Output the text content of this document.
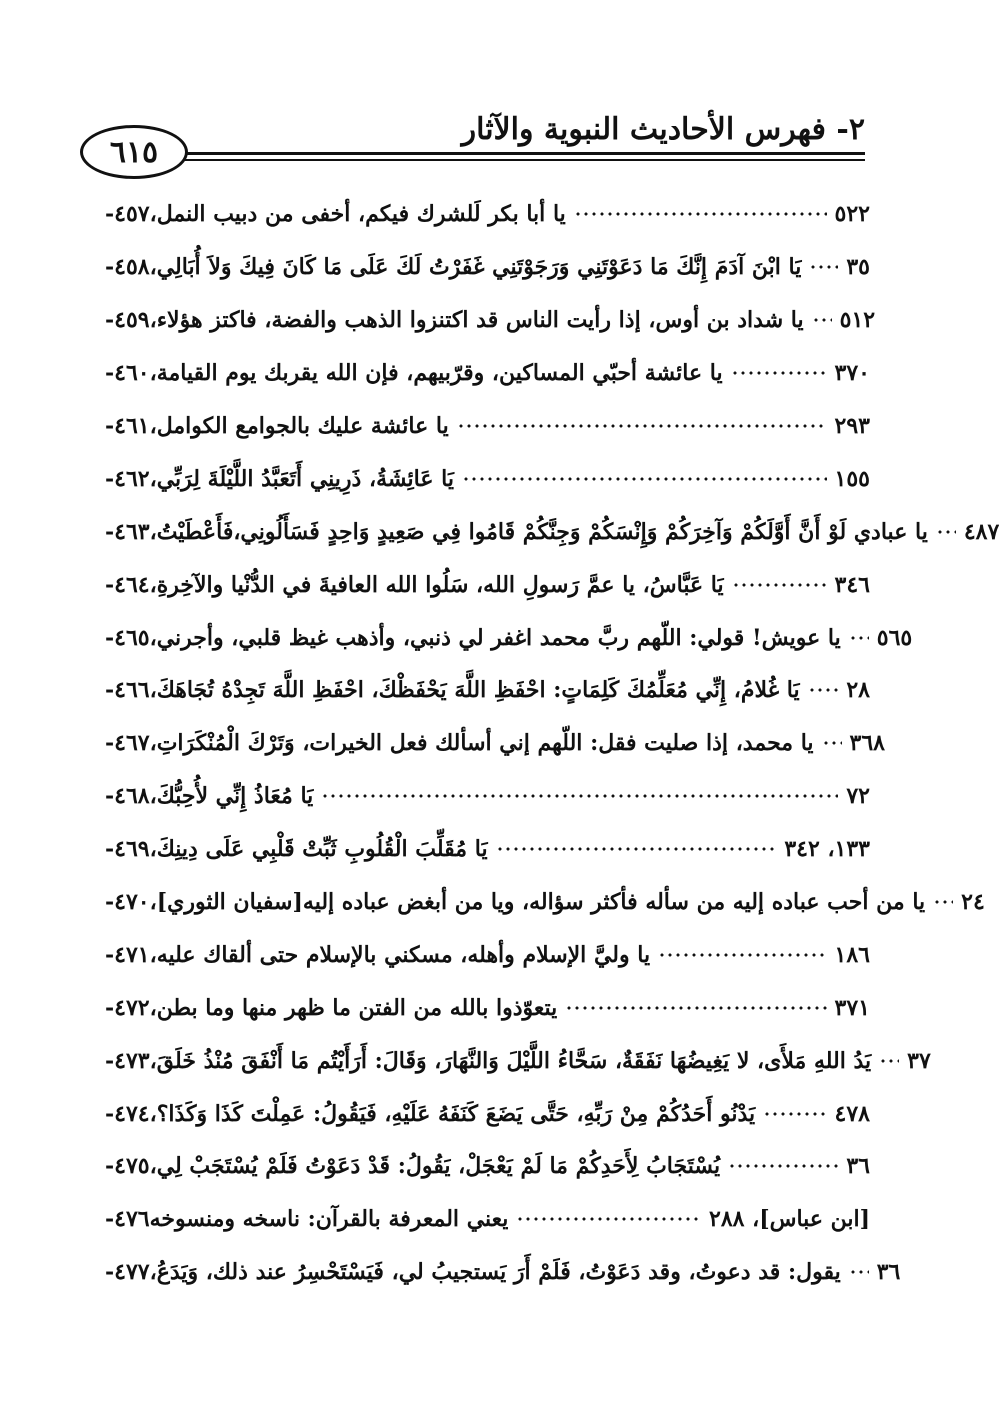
٢- فهرس الأحاديث النبوية والآثار
٦١٥
٤٥٧- يا أبا بكر لَلشرك فيكم، أخفى من دبيب النمل،	٥٢٢
٤٥٨- يَا ابْنَ آدَمَ إِنَّكَ مَا دَعَوْتَنِي وَرَجَوْتَنِي غَفَرْتُ لَكَ عَلَى مَا كَانَ فِيكَ وَلاَ أُبَالِي، ٣٥
٤٥٩- يا شداد بن أوس، إذا رأيت الناس قد اكتنزوا الذهب والفضة، فاكتز هؤلاء، ٥١٢
٤٦٠- يا عائشة أحبّي المساكين، وقرّبيهم، فإن الله يقربك يوم القيامة،	٣٧٠
٤٦١- يا عائشة عليك بالجوامع الكوامل،	٢٩٣
٤٦٢- يَا عَائِشَةُ، ذَرِينِي أَتَعَبَّدُ اللَّيْلَةَ لِرَبِّي،	١٥٥
٤٦٣- يا عبادي لَوْ أَنَّ أَوَّلَكُمْ وَآخِرَكُمْ وَإِنْسَكُمْ وَجِنَّكُمْ قَامُوا فِي صَعِيدٍ وَاحِدٍ فَسَأَلُونِي،فَأَعْطَيْتُ، ٤٨٧
٤٦٤- يَا عَبَّاسُ، يا عمَّ رَسولِ الله، سَلُوا الله العافيةَ في الدُّنْيا والآخِرةِ،	٣٤٦
٤٦٥- يا عويش! قولي: اللّهم ربَّ محمد اغفر لي ذنبي، وأذهب غيظ قلبي، وأجرني، ٥٦٥
٤٦٦- يَا غُلامُ، إِنِّي مُعَلِّمُكَ كَلِمَاتٍ: احْفَظِ اللَّهَ يَحْفَظْكَ، احْفَظِ اللَّهَ تَجِدْهُ تُجَاهَكَ، ٢٨
٤٦٧- يا محمد، إذا صليت فقل: اللّهم إني أسألك فعل الخيرات، وَتَرْكَ الْمُنْكَرَاتِ، ٣٦٨
٤٦٨- يَا مُعَاذُ إِنِّي لأُحِبُّكَ،	٧٢
٤٦٩- يَا مُقَلِّبَ الْقُلُوبِ ثَبِّتْ قَلْبِي عَلَى دِينِكَ،	١٣٣، ٣٤٢
٤٧٠- يا من أحب عباده إليه من سأله فأكثر سؤاله، ويا من أبغض عباده إليه[سفيان الثوري]، ٢٤
٤٧١- يا وليَّ الإسلام وأهله، مسكني بالإسلام حتى ألقاك عليه،	١٨٦
٤٧٢- يتعوّذوا بالله من الفتن ما ظهر منها وما بطن،	٣٧١
٤٧٣- يَدُ اللهِ مَلأَى، لا يَغِيضُهَا نَفَقَةٌ، سَحَّاءُ اللَّيْلَ وَالنَّهَارَ، وَقَالَ: أَرَأَيْتُم مَا أَنْفَقَ مُنْذُ خَلَقَ، ٣٧
٤٧٤- يَدْنُو أَحَدُكُمْ مِنْ رَبِّهِ، حَتَّى يَضَعَ كَنَفَهُ عَلَيْهِ، فَيَقُولُ: عَمِلْتَ كَذَا وَكَذَا؟،	٤٧٨
٤٧٥- يُسْتَجَابُ لِأَحَدِكُمْ مَا لَمْ يَعْجَلْ، يَقُولُ: قَدْ دَعَوْتُ فَلَمْ يُسْتَجَبْ لِي،	٣٦
٤٧٦- يعني المعرفة بالقرآن: ناسخه ومنسوخه	[ابن عباس]، ٢٨٨
٤٧٧- يقول: قد دعوتُ، وقد دَعَوْتُ، فَلَمْ أَرَ يَستجيبُ لي، فَيَسْتَحْسِرُ عند ذلك، وَيَدَعُ، ٣٦
